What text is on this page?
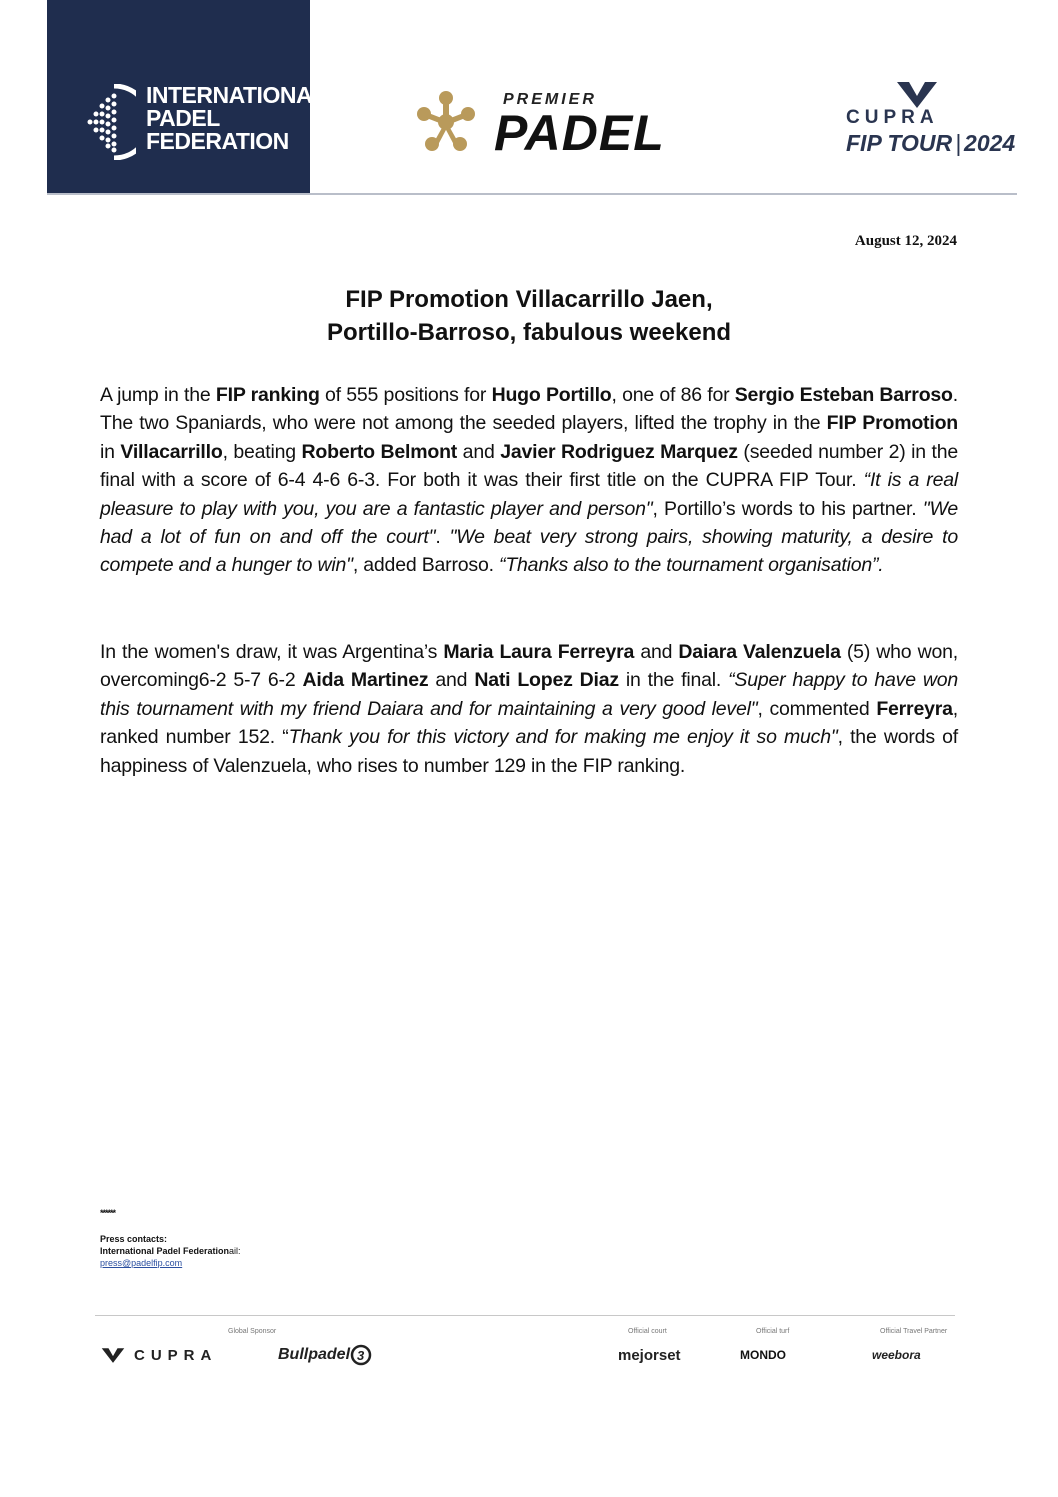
INTERNATIONAL
PADEL
FEDERATION
PREMIER
PADEL	CUPRA
FIP TOUR | 2024
August 12, 2024
FIP Promotion Villacarrillo Jaen,
Portillo-Barroso, fabulous weekend
A jump in the FIP ranking of 555 positions for Hugo Portillo, one of 86 for Sergio Esteban Barroso. The two Spaniards, who were not among the seeded players, lifted the trophy in the FIP Promotion in Villacarrillo, beating Roberto Belmont and Javier Rodriguez Marquez (seeded number 2) in the final with a score of 6-4 4-6 6-3. For both it was their first title on the CUPRA FIP Tour. “It is a real pleasure to play with you, you are a fantastic player and person", Portillo’s words to his partner. "We had a lot of fun on and off the court". "We beat very strong pairs, showing maturity, a desire to compete and a hunger to win", added Barroso. “Thanks also to the tournament organisation”.
In the women's draw, it was Argentina’s Maria Laura Ferreyra and Daiara Valenzuela (5) who won, overcoming6-2 5-7 6-2 Aida Martinez and Nati Lopez Diaz in the final. “Super happy to have won this tournament with my friend Daiara and for maintaining a very good level", commented Ferreyra, ranked number 152. “Thank you for this victory and for making me enjoy it so much", the words of happiness of Valenzuela, who rises to number 129 in the FIP ranking.
******
Press contacts:
International Padel Federationail:
press@padelfip.com
Global Sponsor	Official court	Official turf	Official Travel Partner
CUPRA	Bullpadel 3	mejorset	MONDO	weebora
